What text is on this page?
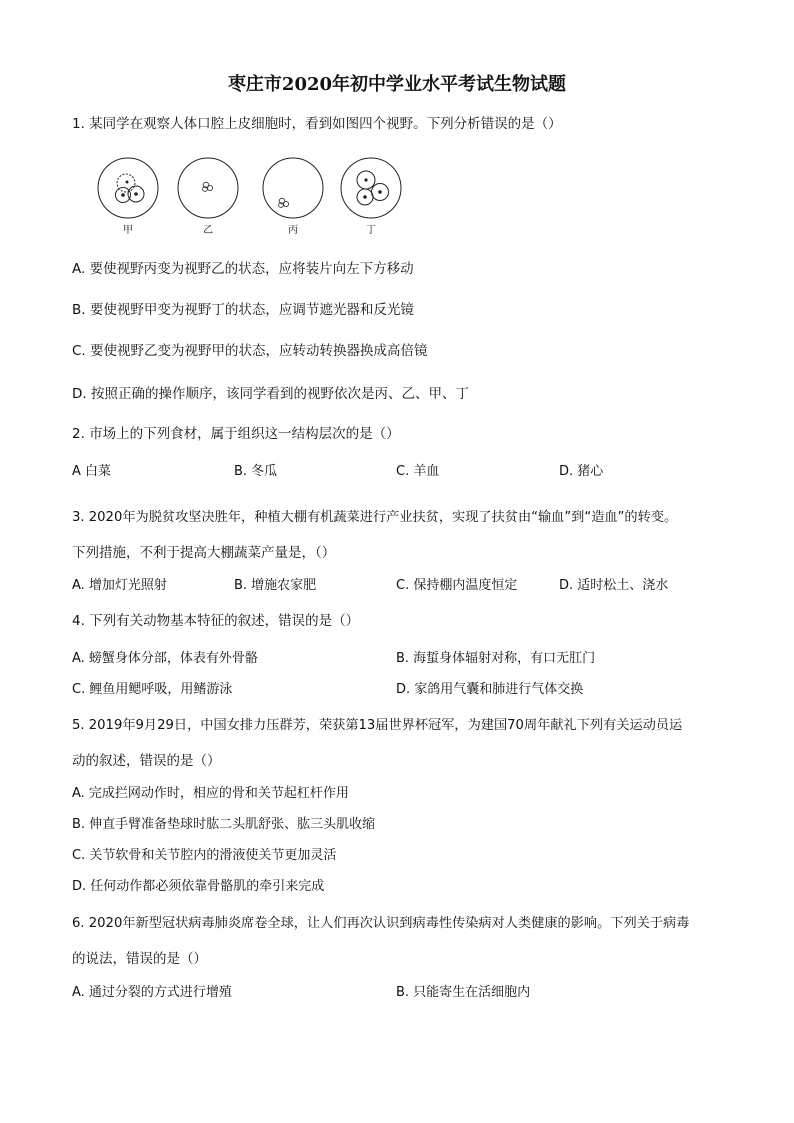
枣庄市2020年初中学业水平考试生物试题
1. 某同学在观察人体口腔上皮细胞时，看到如图四个视野。下列分析错误的是（）
甲	乙	丙	丁
A. 要使视野丙变为视野乙的状态，应将装片向左下方移动
B. 要使视野甲变为视野丁的状态，应调节遮光器和反光镜
C. 要使视野乙变为视野甲的状态，应转动转换器换成高倍镜
D. 按照正确的操作顺序，该同学看到的视野依次是丙、乙、甲、丁
2. 市场上的下列食材，属于组织这一结构层次的是（）
A 白菜	B. 冬瓜	C. 羊血	D. 猪心
3. 2020年为脱贫攻坚决胜年，种植大棚有机蔬菜进行产业扶贫，实现了扶贫由“输血”到“造血”的转变。
下列措施，不利于提高大棚蔬菜产量是，（）
A. 增加灯光照射	B. 增施农家肥	C. 保持棚内温度恒定	D. 适时松土、浇水
4. 下列有关动物基本特征的叙述，错误的是（）
A. 螃蟹身体分部，体表有外骨骼	B. 海蜇身体辐射对称，有口无肛门
C. 鲤鱼用鳃呼吸，用鳍游泳	D. 家鸽用气囊和肺进行气体交换
5. 2019年9月29日，中国女排力压群芳，荣获第13届世界杯冠军，为建国70周年献礼下列有关运动员运
动的叙述，错误的是（）
A. 完成拦网动作时，相应的骨和关节起杠杆作用
B. 伸直手臂准备垫球时肱二头肌舒张、肱三头肌收缩
C. 关节软骨和关节腔内的滑液使关节更加灵活
D. 任何动作都必须依靠骨骼肌的牵引来完成
6. 2020年新型冠状病毒肺炎席卷全球，让人们再次认识到病毒性传染病对人类健康的影响。下列关于病毒
的说法，错误的是（）
A. 通过分裂的方式进行增殖	B. 只能寄生在活细胞内
